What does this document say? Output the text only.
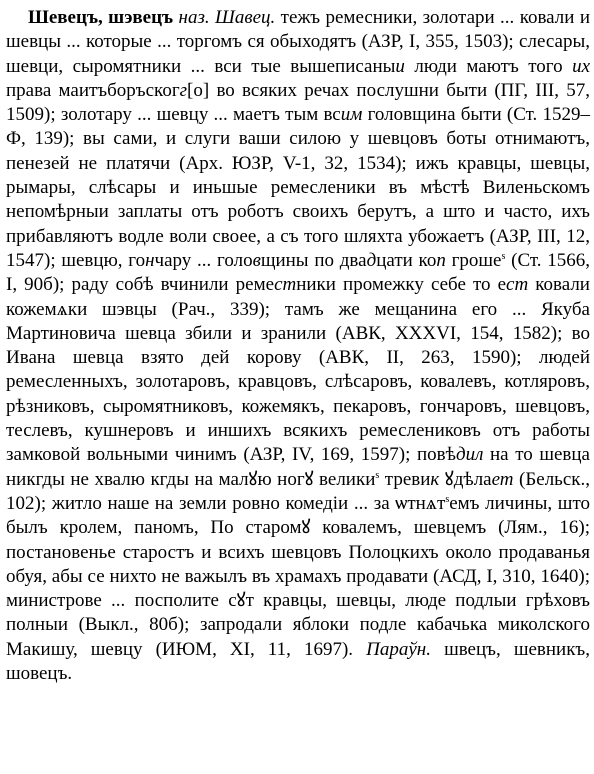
Шевецъ, шэвецъ наз. Шавец. тежъ ремесники, золотари ... ковали и шевцы ... которые ... торгомъ ся обыходятъ (АЗР, I, 355, 1503); слесары, шевци, сыромятники ... вси тые вышеписаныи люди маютъ того их права маитъборъскогг[о] во всяких речах послушни быти (ПГ, III, 57, 1509); золотару ... шевцу ... маетъ тым всим головщина быти (Ст. 1529–Ф, 139); вы сами, и слуги ваши силою у шевцовъ боты отнимаютъ, пенезей не платячи (Арх. ЮЗР, V-1, 32, 1534); ижъ кравцы, шевцы, рымары, слѣсары и иньшые ремесленики въ мѣстѣ Виленьскомъ непомѣрныи заплаты отъ роботъ своихъ берутъ, а што и часто, ихъ прибавляютъ водле воли своее, а съ того шляхта убожаетъ (АЗР, III, 12, 1547); шевцю, гончару ... головщины по двадцати коп гроше$^s$ (Ст. 1566, I, 90б); раду собѣ вчинили реместники промежку себе то ест ковали кожемѧки шэвцы (Рач., 339); тамъ же мещанина его ... Якуба Мартиновича шевца збили и зранили (АВК, XXXVI, 154, 1582); во Ивана шевца взято дей корову (АВК, II, 263, 1590); людей ремесленныхъ, золотаровъ, кравцовъ, слѣсаровъ, ковалевъ, котляровъ, рѣзниковъ, сыромятниковъ, кожемякъ, пекаровъ, гончаровъ, шевцовъ, теслевъ, кушнеровъ и иншихъ всякихъ ремеслениковъ отъ работы замковой вольными чинимъ (АЗР, IV, 169, 1597); повѣдил на то шевца никгды не хвалю кгды на малꙋю ногꙋ велики$^s$ тревик ꙋдѣлает (Бельск., 102); житло наше на земли ровно комедіи ... за ѡтнѧт$^s$емъ личины, што былъ кролем, паномъ, По старомꙋ ковалемъ, шевцемъ (Лям., 16); постановенье старостъ и всихъ шевцовъ Полоцкихъ около продаванья обуя, абы се нихто не важылъ въ храмахъ продавати (АСД, I, 310, 1640); министрове ... посполите сꙋт кравцы, шевцы, люде подлыи грѣховъ полныи (Выкл., 80б); запродали яблоки подле кабачька миколского Макишу, шевцу (ИЮМ, XI, 11, 1697). Параўн. швецъ, шевникъ, шовецъ.
